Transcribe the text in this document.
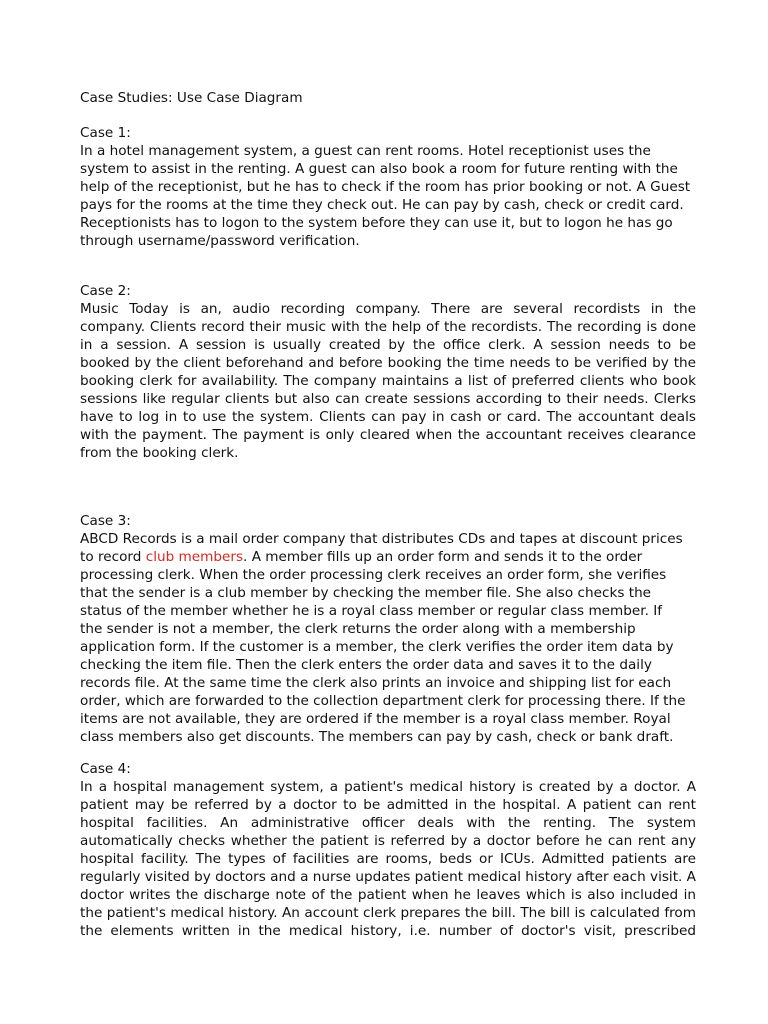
Case Studies: Use Case Diagram

Case 1:

In a hotel management system, a guest can rent rooms. Hotel receptionist uses the
system to assist in the renting. A guest can also book a room for future renting with the
help of the receptionist, but he has to check if the room has prior booking or not. A Guest
pays for the rooms at the time they check out. He can pay by cash, check or credit card.
Receptionists has to logon to the system before they can use it, but to logon he has go
through username/password verification.

Case 2:

Music Today is an, audio recording company. There are several recordists in the
company. Clients record their music with the help of the recordists. The recording is done
in a session. A session is usually created by the office clerk. A session needs to be
booked by the client beforehand and before booking the time needs to be verified by the
booking clerk for availability. The company maintains a list of preferred clients who book
sessions like regular clients but also can create sessions according to their needs. Clerks
have to log in to use the system. Clients can pay in cash or card. The accountant deals
with the payment. The payment is only cleared when the accountant receives clearance
from the booking clerk.

Case 3:

ABCD Records is a mail order company that distributes CDs and tapes at discount prices
to record club members. A member fills up an order form and sends it to the order
processing clerk. When the order processing clerk receives an order form, she verifies
that the sender is a club member by checking the member file. She also checks the
status of the member whether he is a royal class member or regular class member. If
the sender is not a member, the clerk returns the order along with a membership
application form. If the customer is a member, the clerk verifies the order item data by
checking the item file. Then the clerk enters the order data and saves it to the daily
records file. At the same time the clerk also prints an invoice and shipping list for each
order, which are forwarded to the collection department clerk for processing there. If the
items are not available, they are ordered if the member is a royal class member. Royal
class members also get discounts. The members can pay by cash, check or bank draft.

Case 4:

In a hospital management system, a patient's medical history is created by a doctor. A
patient may be referred by a doctor to be admitted in the hospital. A patient can rent
hospital facilities. An administrative officer deals with the renting. The system
automatically checks whether the patient is referred by a doctor before he can rent any
hospital facility. The types of facilities are rooms, beds or ICUs. Admitted patients are
regularly visited by doctors and a nurse updates patient medical history after each visit. A
doctor writes the discharge note of the patient when he leaves which is also included in
the patient's medical history. An account clerk prepares the bill. The bill is calculated from
the elements written in the medical history, i.e. number of doctor's visit, prescribed
